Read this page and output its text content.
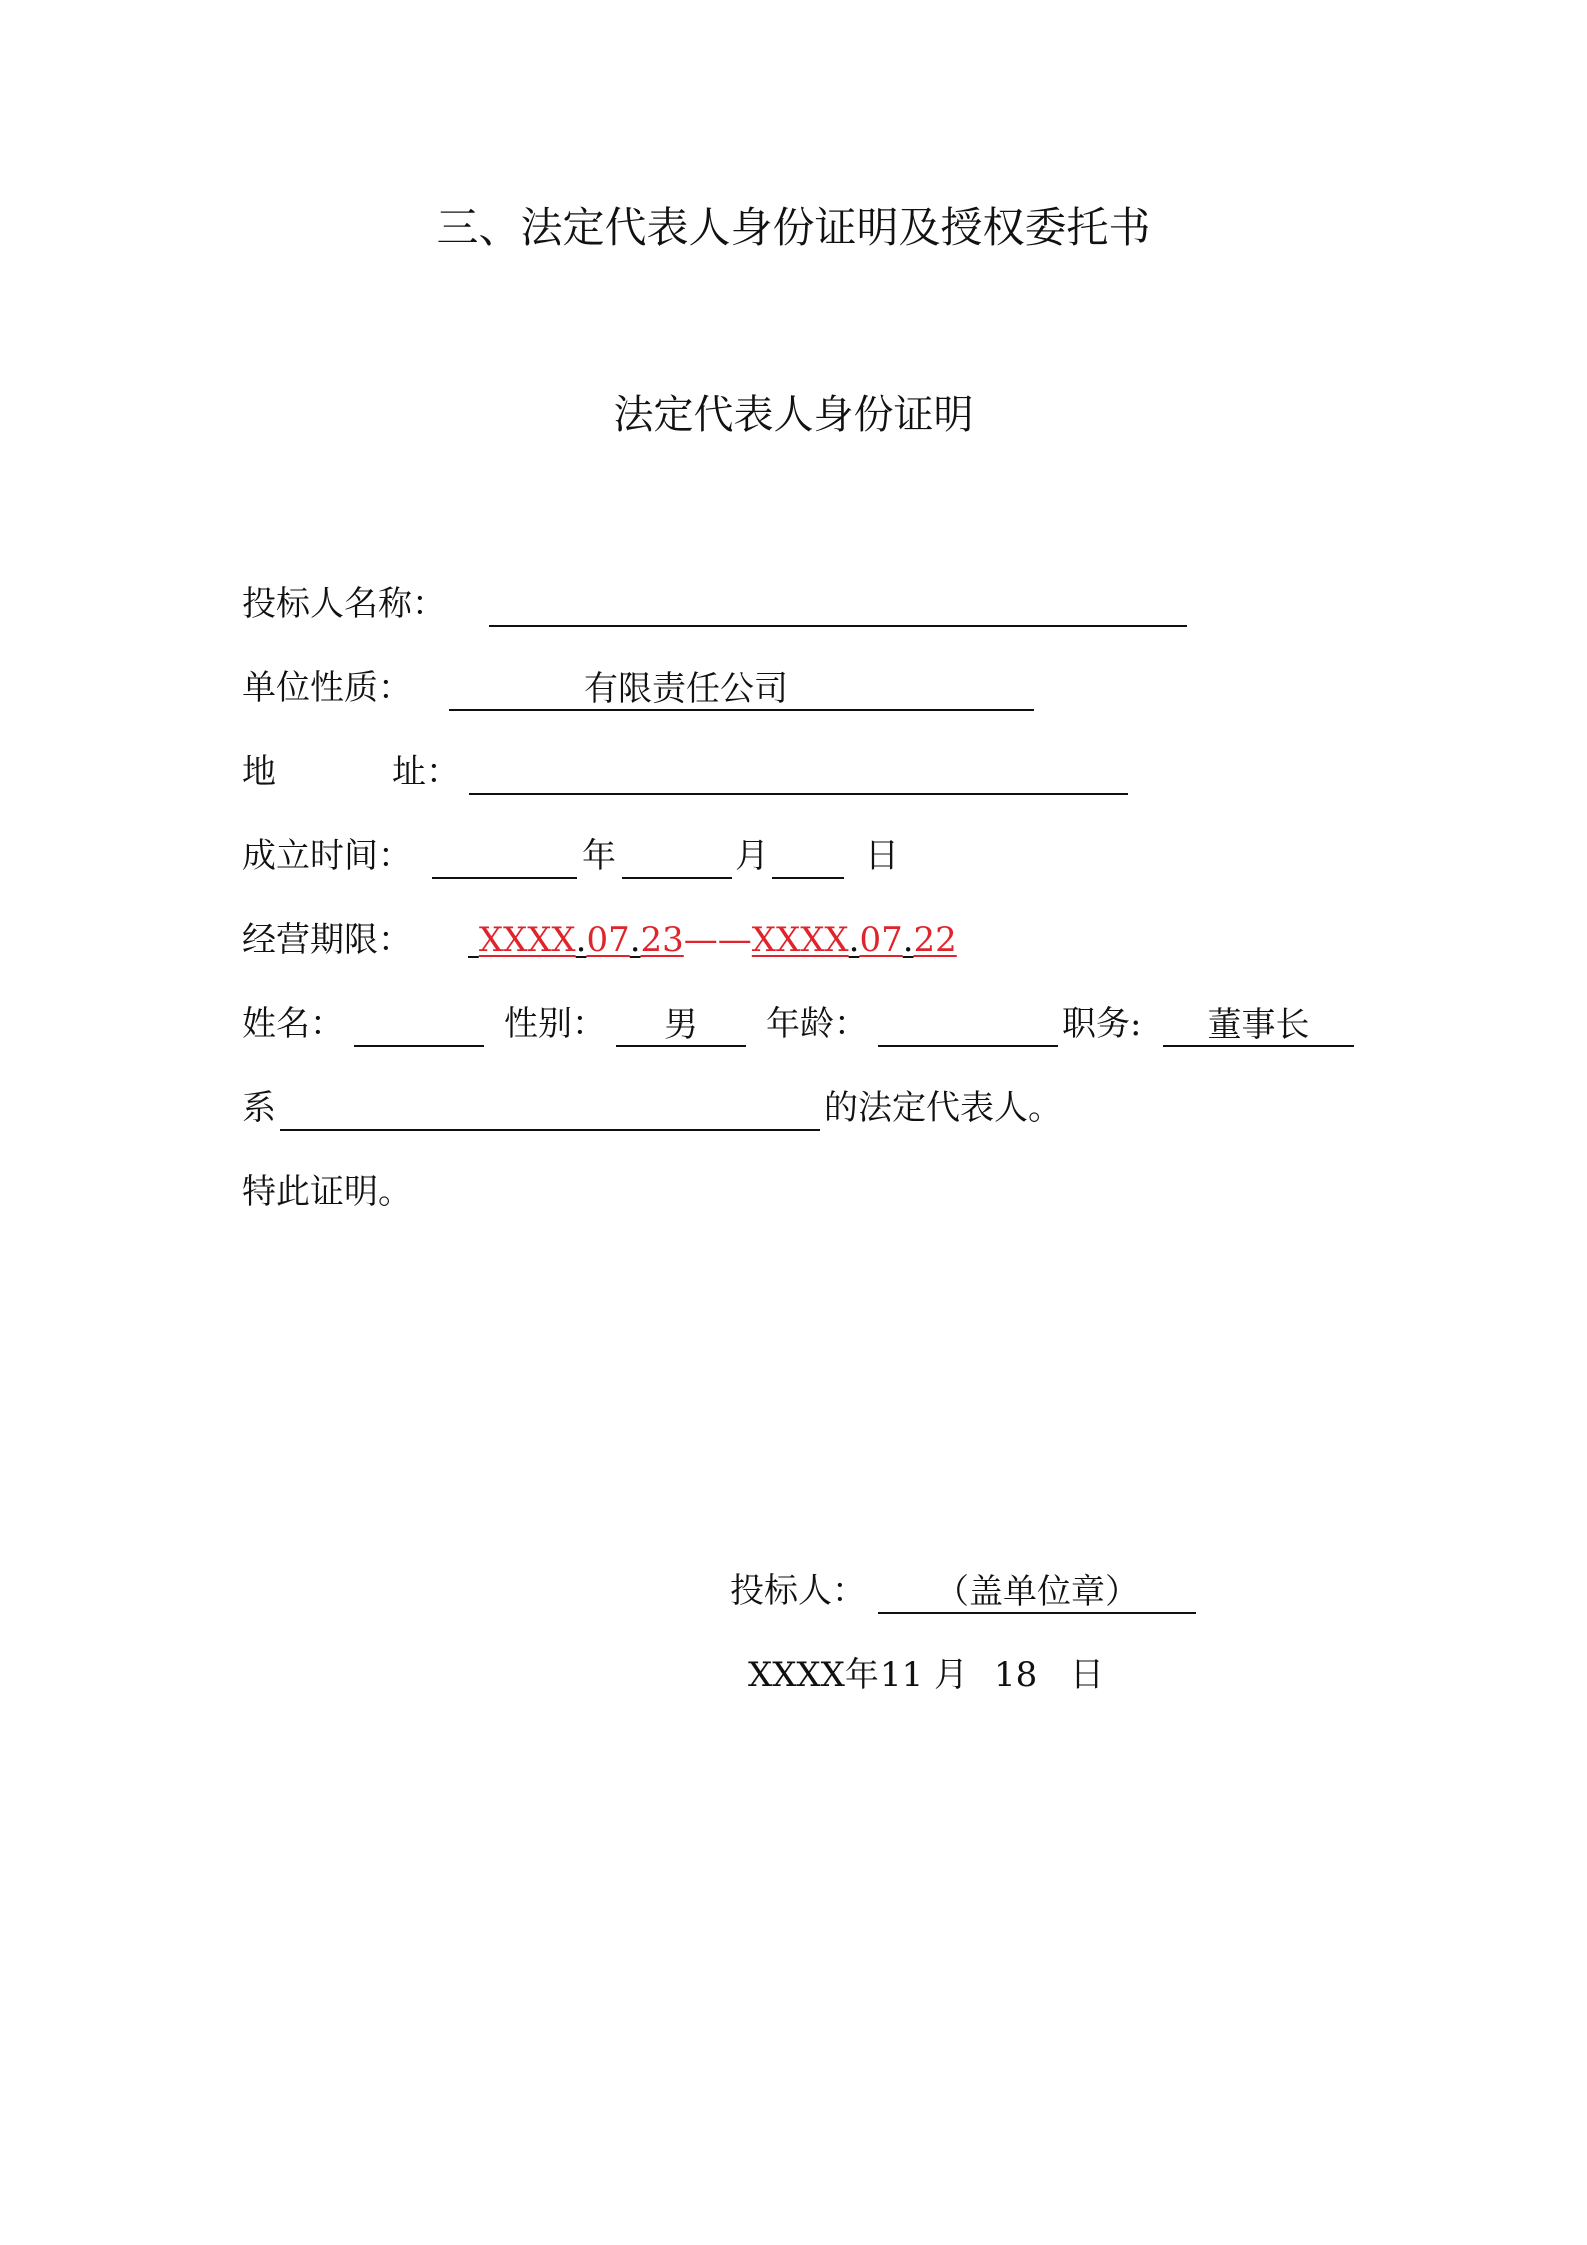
三、法定代表人身份证明及授权委托书
法定代表人身份证明
投标人名称：
单位性质：	有限责任公司
地	址：
成立时间：	年	月	日
经营期限：	XXXX.07.23——XXXX.07.22
姓名：	性别：	男	年龄：	职务:	董事长
系	的法定代表人。
特此证明。
投标人：	（盖单位章）
XXXX年 11 月 18 日
